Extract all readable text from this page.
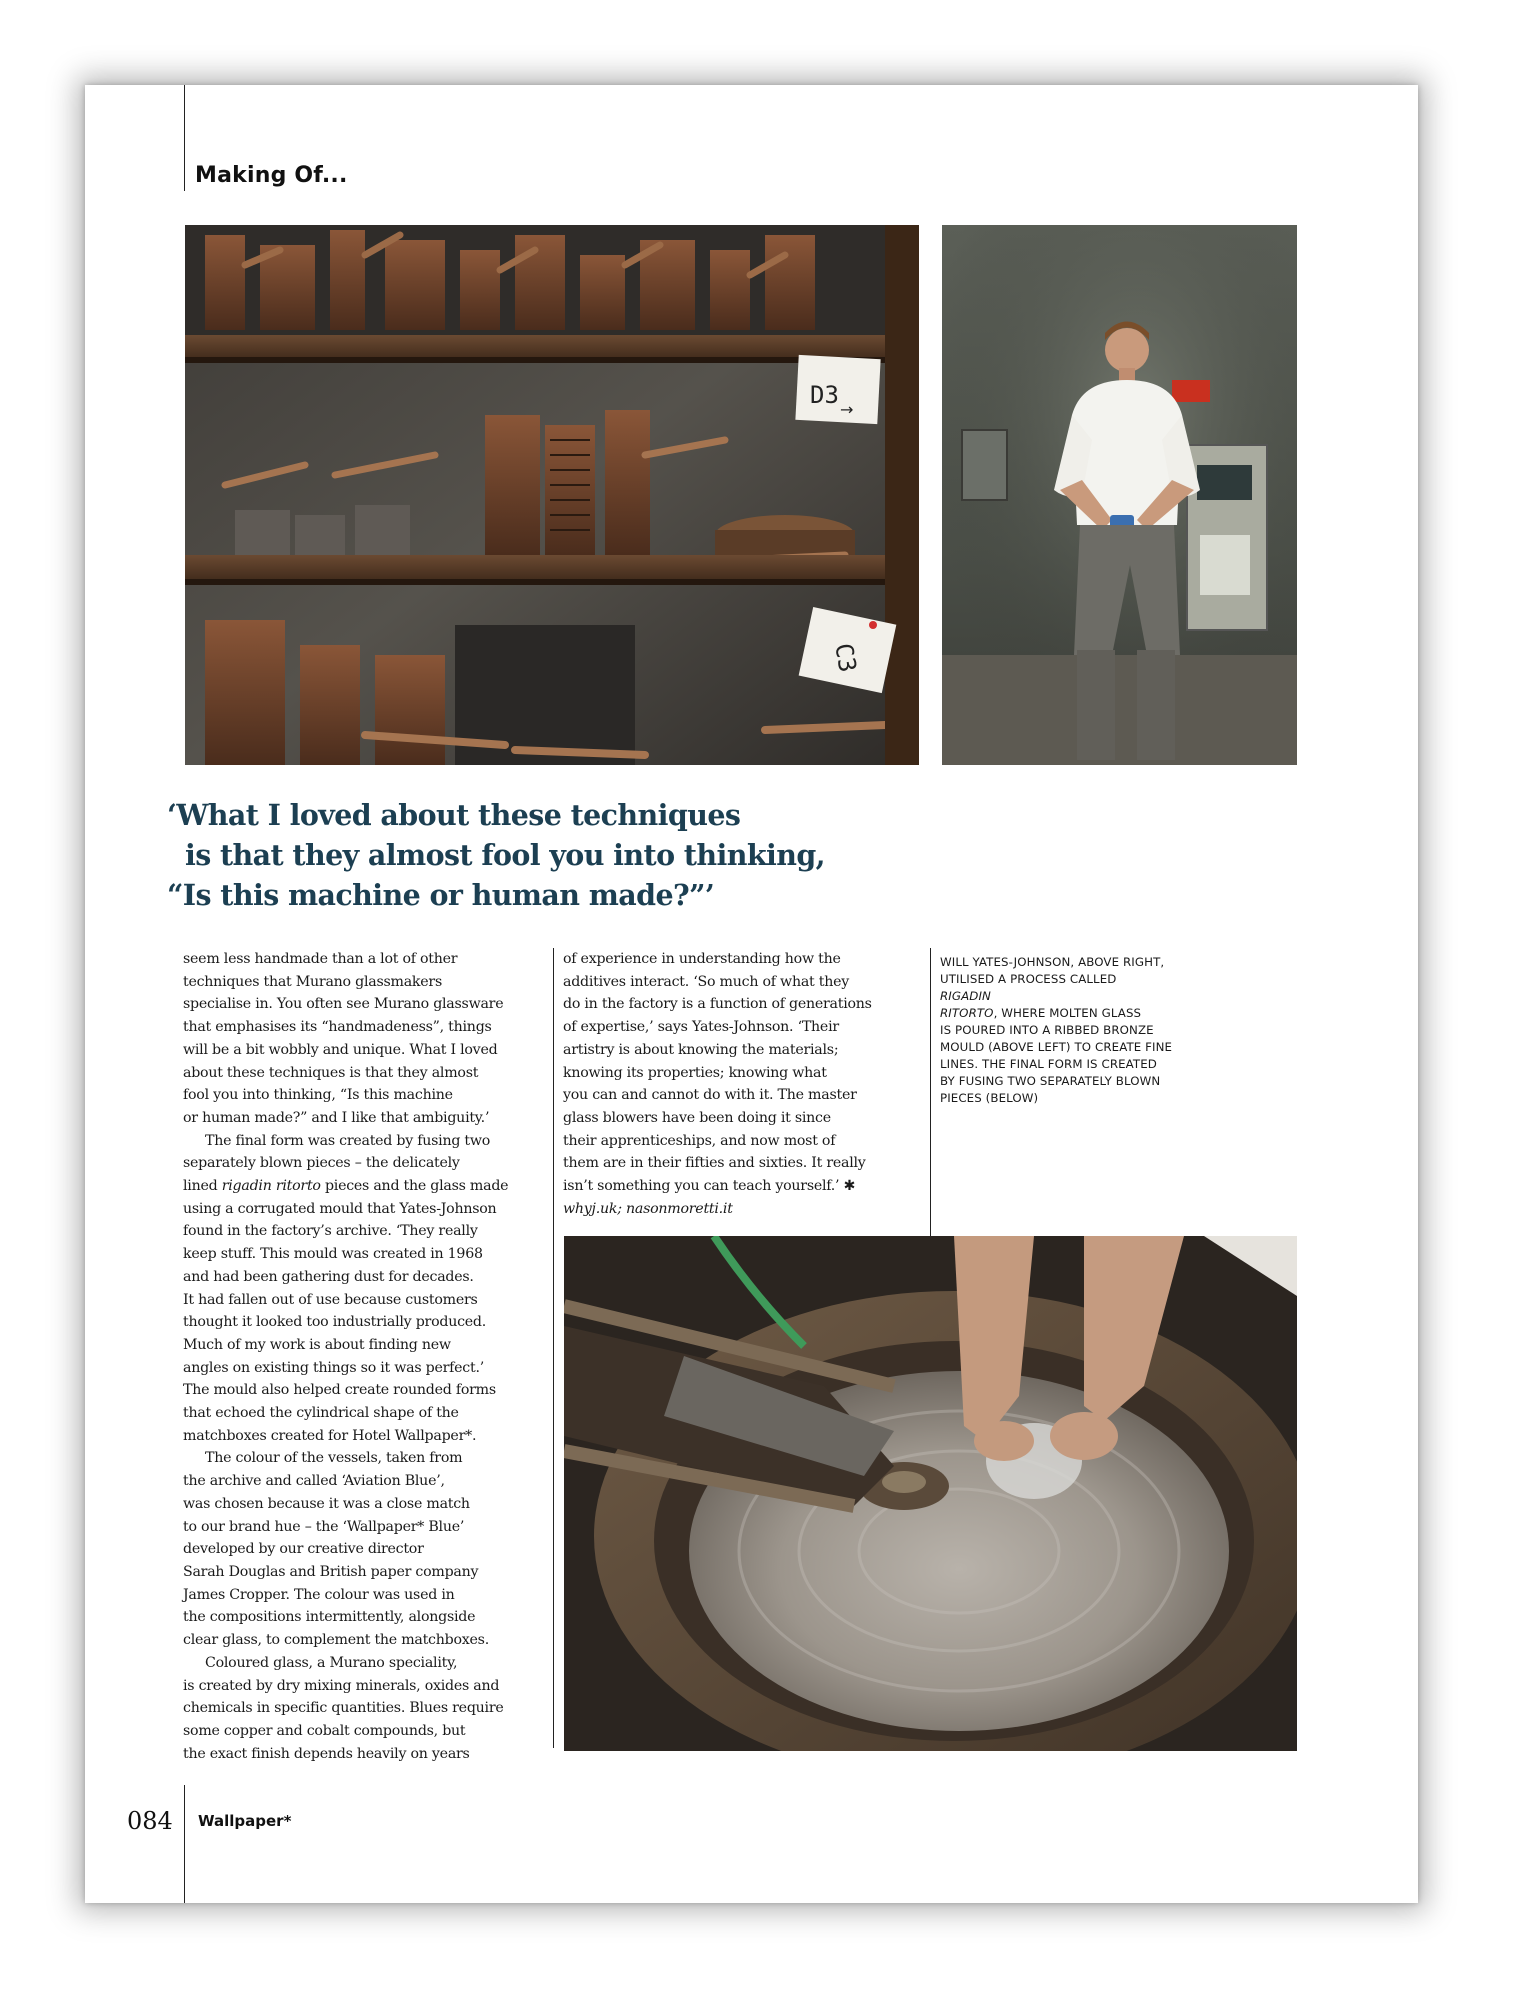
Making Of...
D3
→
C3
‘What I loved about these techniques
is that they almost fool you into thinking,
“Is this machine or human made?”’
seem less handmade than a lot of other
techniques that Murano glassmakers
specialise in. You often see Murano glassware
that emphasises its “handmadeness”, things
will be a bit wobbly and unique. What I loved
about these techniques is that they almost
fool you into thinking, “Is this machine
or human made?” and I like that ambiguity.’
The final form was created by fusing two
separately blown pieces – the delicately
lined rigadin ritorto pieces and the glass made
using a corrugated mould that Yates-Johnson
found in the factory’s archive. ‘They really
keep stuff. This mould was created in 1968
and had been gathering dust for decades.
It had fallen out of use because customers
thought it looked too industrially produced.
Much of my work is about finding new
angles on existing things so it was perfect.’
The mould also helped create rounded forms
that echoed the cylindrical shape of the
matchboxes created for Hotel Wallpaper*.
The colour of the vessels, taken from
the archive and called ‘Aviation Blue’,
was chosen because it was a close match
to our brand hue – the ‘Wallpaper* Blue’
developed by our creative director
Sarah Douglas and British paper company
James Cropper. The colour was used in
the compositions intermittently, alongside
clear glass, to complement the matchboxes.
Coloured glass, a Murano speciality,
is created by dry mixing minerals, oxides and
chemicals in specific quantities. Blues require
some copper and cobalt compounds, but
the exact finish depends heavily on years
of experience in understanding how the
additives interact. ‘So much of what they
do in the factory is a function of generations
of expertise,’ says Yates-Johnson. ‘Their
artistry is about knowing the materials;
knowing its properties; knowing what
you can and cannot do with it. The master
glass blowers have been doing it since
their apprenticeships, and now most of
them are in their fifties and sixties. It really
isn’t something you can teach yourself.’ ✱
whyj.uk; nasonmoretti.it
WILL YATES-JOHNSON, ABOVE RIGHT,
UTILISED A PROCESS CALLED
RIGADIN
RITORTO, WHERE MOLTEN GLASS
IS POURED INTO A RIBBED BRONZE
MOULD (ABOVE LEFT) TO CREATE FINE
LINES. THE FINAL FORM IS CREATED
BY FUSING TWO SEPARATELY BLOWN
PIECES (BELOW)
084 Wallpaper*
